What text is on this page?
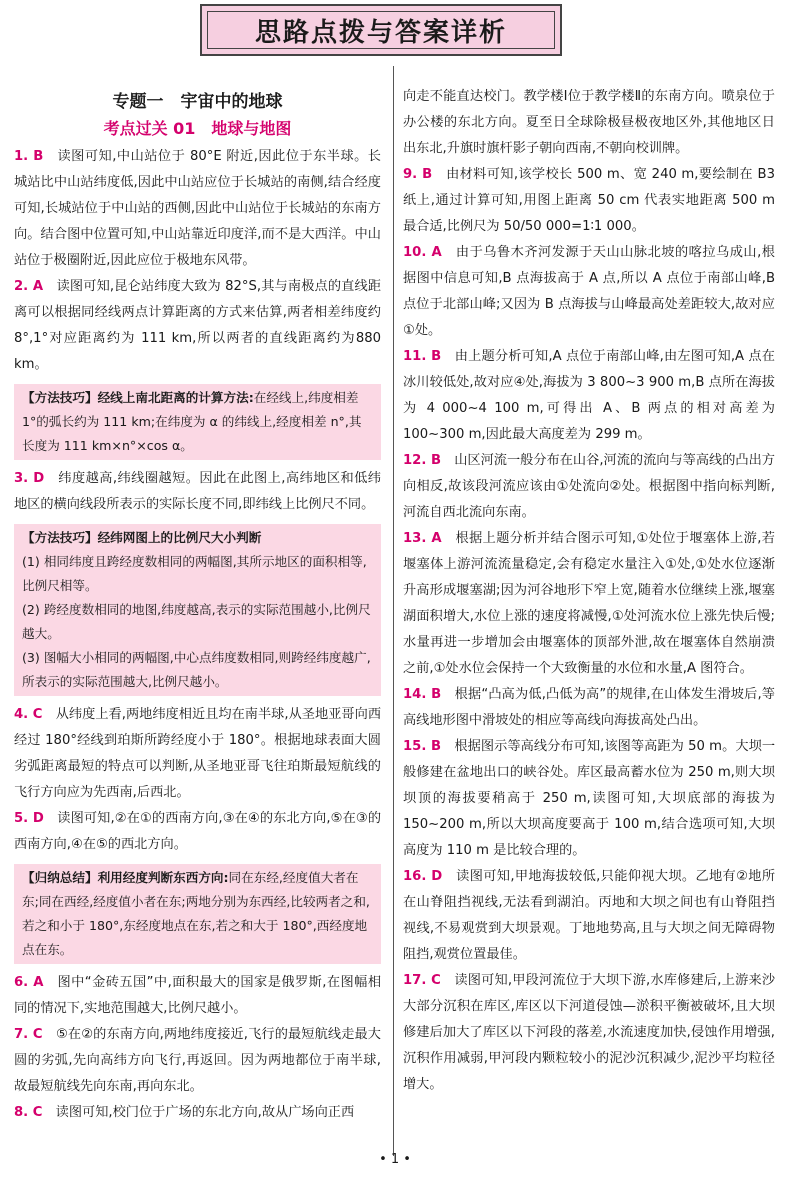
思路点拨与答案详析
专题一　宇宙中的地球
考点过关 01　地球与地图

1. B　 读图可知,中山站位于 80°E 附近,因此位于东半球。长城站比中山站纬度低,因此中山站应位于长城站的南侧,结合经度可知,长城站位于中山站的西侧,因此中山站位于长城站的东南方向。结合图中位置可知,中山站靠近印度洋,而不是大西洋。中山站位于极圈附近,因此应位于极地东风带。

2. A　 读图可知,昆仑站纬度大致为 82°S,其与南极点的直线距离可以根据同经线两点计算距离的方式来估算,两者相差纬度约 8°,1°对应距离约为 111 km,所以两者的直线距离约为880 km。

【方法技巧】经线上南北距离的计算方法:在经线上,纬度相差 1°的弧长约为 111 km;在纬度为 α 的纬线上,经度相差 n°,其长度为 111 km×n°×cos α。

3. D　 纬度越高,纬线圈越短。因此在此图上,高纬地区和低纬地区的横向线段所表示的实际长度不同,即纬线上比例尺不同。

【方法技巧】经纬网图上的比例尺大小判断
(1) 相同纬度且跨经度数相同的两幅图,其所示地区的面积相等,比例尺相等。
(2) 跨经度数相同的地图,纬度越高,表示的实际范围越小,比例尺越大。
(3) 图幅大小相同的两幅图,中心点纬度数相同,则跨经纬度越广,所表示的实际范围越大,比例尺越小。

4. C　 从纬度上看,两地纬度相近且均在南半球,从圣地亚哥向西经过 180°经线到珀斯所跨经度小于 180°。根据地球表面大圆劣弧距离最短的特点可以判断,从圣地亚哥飞往珀斯最短航线的飞行方向应为先西南,后西北。

5. D　 读图可知,②在①的西南方向,③在④的东北方向,⑤在③的西南方向,④在⑤的西北方向。

【归纳总结】利用经度判断东西方向:同在东经,经度值大者在东;同在西经,经度值小者在东;两地分别为东西经,比较两者之和,若之和小于 180°,东经度地点在东,若之和大于 180°,西经度地点在东。

6. A　 图中“金砖五国”中,面积最大的国家是俄罗斯,在图幅相同的情况下,实地范围越大,比例尺越小。

7. C　 ⑤在②的东南方向,两地纬度接近,飞行的最短航线走最大圆的劣弧,先向高纬方向飞行,再返回。因为两地都位于南半球,故最短航线先向东南,再向东北。

8. C　 读图可知,校门位于广场的东北方向,故从广场向正西

向走不能直达校门。教学楼Ⅰ位于教学楼Ⅱ的东南方向。喷泉位于办公楼的东北方向。夏至日全球除极昼极夜地区外,其他地区日出东北,升旗时旗杆影子朝向西南,不朝向校训牌。

9. B　 由材料可知,该学校长 500 m、宽 240 m,要绘制在 B3 纸上,通过计算可知,用图上距离 50 cm 代表实地距离 500 m 最合适,比例尺为 50/50 000=1∶1 000。

10. A　 由于乌鲁木齐河发源于天山山脉北坡的喀拉乌成山,根据图中信息可知,B 点海拔高于 A 点,所以 A 点位于南部山峰,B 点位于北部山峰;又因为 B 点海拔与山峰最高处差距较大,故对应①处。

11. B　 由上题分析可知,A 点位于南部山峰,由左图可知,A 点在冰川较低处,故对应④处,海拔为 3 800~3 900 m,B 点所在海拔为 4 000~4 100 m,可得出 A、B 两点的相对高差为 100~300 m,因此最大高度差为 299 m。

12. B　 山区河流一般分布在山谷,河流的流向与等高线的凸出方向相反,故该段河流应该由①处流向②处。根据图中指向标判断,河流自西北流向东南。

13. A　 根据上题分析并结合图示可知,①处位于堰塞体上游,若堰塞体上游河流流量稳定,会有稳定水量注入①处,①处水位逐渐升高形成堰塞湖;因为河谷地形下窄上宽,随着水位继续上涨,堰塞湖面积增大,水位上涨的速度将减慢,①处河流水位上涨先快后慢;水量再进一步增加会由堰塞体的顶部外泄,故在堰塞体自然崩溃之前,①处水位会保持一个大致衡量的水位和水量,A 图符合。

14. B　 根据“凸高为低,凸低为高”的规律,在山体发生滑坡后,等高线地形图中滑坡处的相应等高线向海拔高处凸出。

15. B　 根据图示等高线分布可知,该图等高距为 50 m。大坝一般修建在盆地出口的峡谷处。库区最高蓄水位为 250 m,则大坝坝顶的海拔要稍高于 250 m,读图可知,大坝底部的海拔为 150~200 m,所以大坝高度要高于 100 m,结合选项可知,大坝高度为 110 m 是比较合理的。

16. D　 读图可知,甲地海拔较低,只能仰视大坝。乙地有②地所在山脊阻挡视线,无法看到湖泊。丙地和大坝之间也有山脊阻挡视线,不易观赏到大坝景观。丁地地势高,且与大坝之间无障碍物阻挡,观赏位置最佳。

17. C　 读图可知,甲段河流位于大坝下游,水库修建后,上游来沙大部分沉积在库区,库区以下河道侵蚀—淤积平衡被破坏,且大坝修建后加大了库区以下河段的落差,水流速度加快,侵蚀作用增强,沉积作用减弱,甲河段内颗粒较小的泥沙沉积减少,泥沙平均粒径增大。

• 1 •
